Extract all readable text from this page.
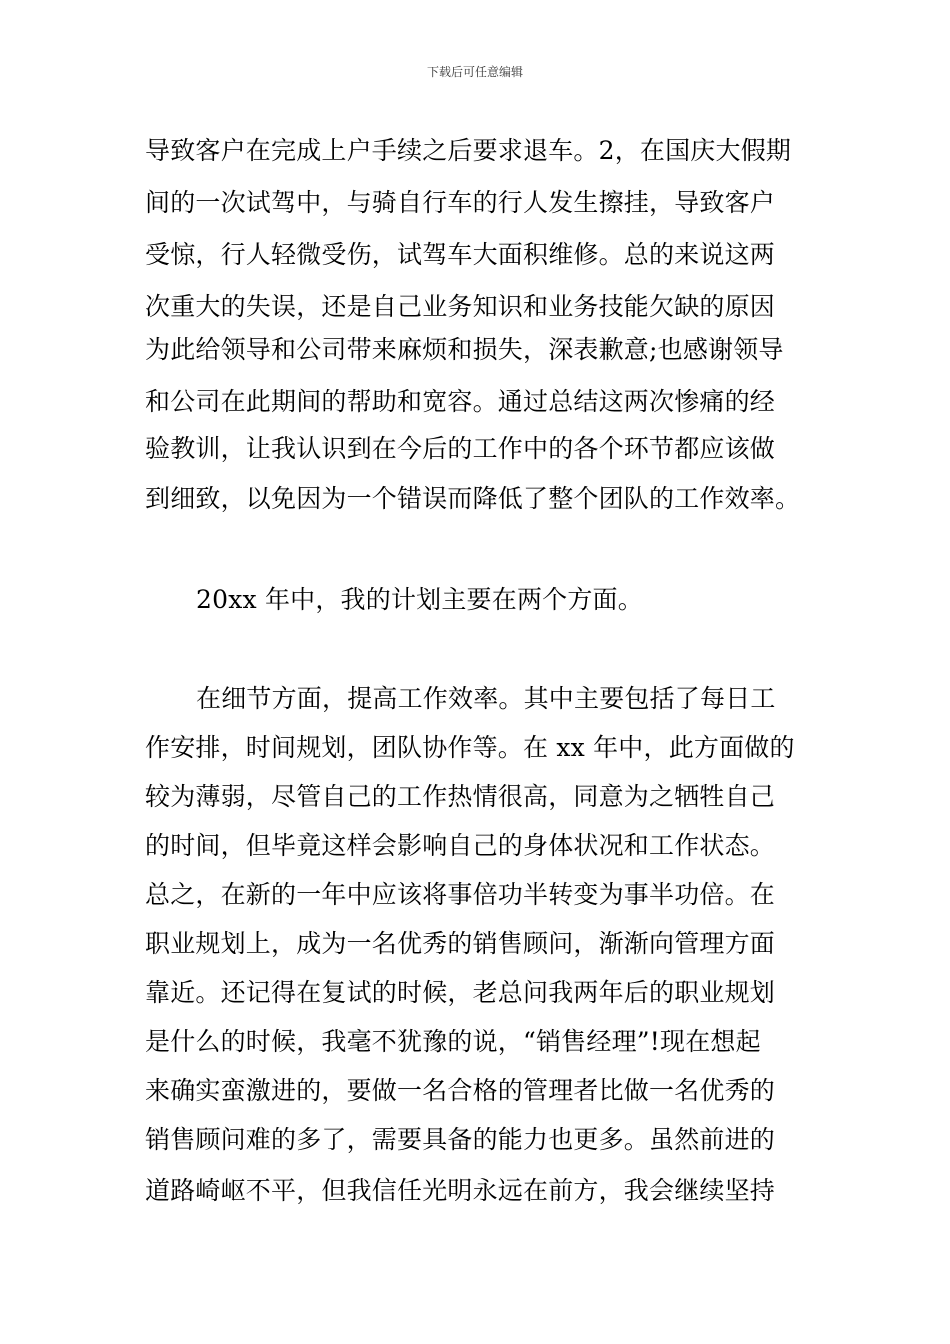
下载后可任意编辑
导致客户在完成上户手续之后要求退车。2，在国庆大假期
间的一次试驾中，与骑自行车的行人发生擦挂，导致客户
受惊，行人轻微受伤，试驾车大面积维修。总的来说这两
次重大的失误，还是自己业务知识和业务技能欠缺的原因
为此给领导和公司带来麻烦和损失，深表歉意;也感谢领导
和公司在此期间的帮助和宽容。通过总结这两次惨痛的经
验教训，让我认识到在今后的工作中的各个环节都应该做
到细致，以免因为一个错误而降低了整个团队的工作效率。
20xx 年中，我的计划主要在两个方面。
在细节方面，提高工作效率。其中主要包括了每日工
作安排，时间规划，团队协作等。在 xx 年中，此方面做的
较为薄弱，尽管自己的工作热情很高，同意为之牺牲自己
的时间，但毕竟这样会影响自己的身体状况和工作状态。
总之，在新的一年中应该将事倍功半转变为事半功倍。在
职业规划上，成为一名优秀的销售顾问，渐渐向管理方面
靠近。还记得在复试的时候，老总问我两年后的职业规划
是什么的时候，我毫不犹豫的说，“销售经理”!现在想起
来确实蛮激进的，要做一名合格的管理者比做一名优秀的
销售顾问难的多了，需要具备的能力也更多。虽然前进的
道路崎岖不平，但我信任光明永远在前方，我会继续坚持
